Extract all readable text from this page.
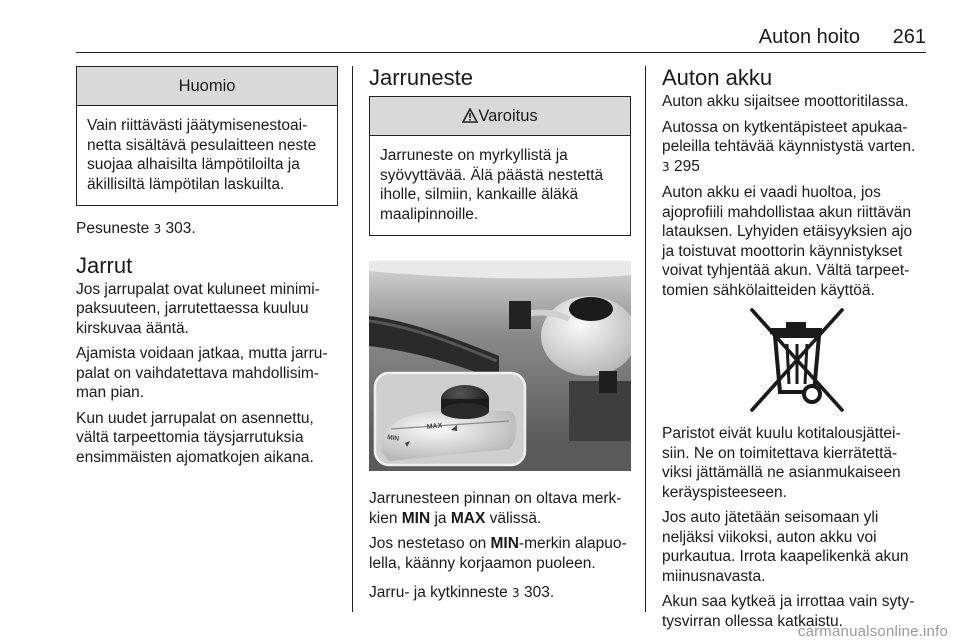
Auton hoito 261
Huomio

Vain riittävästi jäätymisenestoai-
netta sisältävä pesulaitteen neste
suojaa alhaisilta lämpötiloilta ja
äkillisiltä lämpötilan laskuilta.

Pesuneste 3 303.

Jarrut

Jos jarrupalat ovat kuluneet minimi-
paksuuteen, jarrutettaessa kuuluu
kirskuvaa ääntä.

Ajamista voidaan jatkaa, mutta jarru-
palat on vaihdatettava mahdollisim-
man pian.

Kun uudet jarrupalat on asennettu,
vältä tarpeettomia täysjarrutuksia
ensimmäisten ajomatkojen aikana.

Jarruneste
Varoitus

Jarruneste on myrkyllistä ja
syövyttävää. Älä päästä nestettä
iholle, silmiin, kankaille äläkä
maalipinnoille.

MAX
MIN

Jarrunesteen pinnan on oltava merk-
kien MIN ja MAX välissä.

Jos nestetaso on MIN-merkin alapuo-
lella, käänny korjaamon puoleen.

Jarru- ja kytkinneste 3 303.

Auton akku

Auton akku sijaitsee moottoritilassa.

Autossa on kytkentäpisteet apukaa-
peleilla tehtävää käynnistystä varten.
3 295

Auton akku ei vaadi huoltoa, jos
ajoprofiili mahdollistaa akun riittävän
latauksen. Lyhyiden etäisyyksien ajo
ja toistuvat moottorin käynnistykset
voivat tyhjentää akun. Vältä tarpeet-
tomien sähkölaitteiden käyttöä.

Paristot eivät kuulu kotitalousjättei-
siin. Ne on toimitettava kierrätettä-
viksi jättämällä ne asianmukaiseen
keräyspisteeseen.

Jos auto jätetään seisomaan yli
neljäksi viikoksi, auton akku voi
purkautua. Irrota kaapelikenkä akun
miinusnavasta.

Akun saa kytkeä ja irrottaa vain syty-
tysvirran ollessa katkaistu.

carmanualsonline.info
